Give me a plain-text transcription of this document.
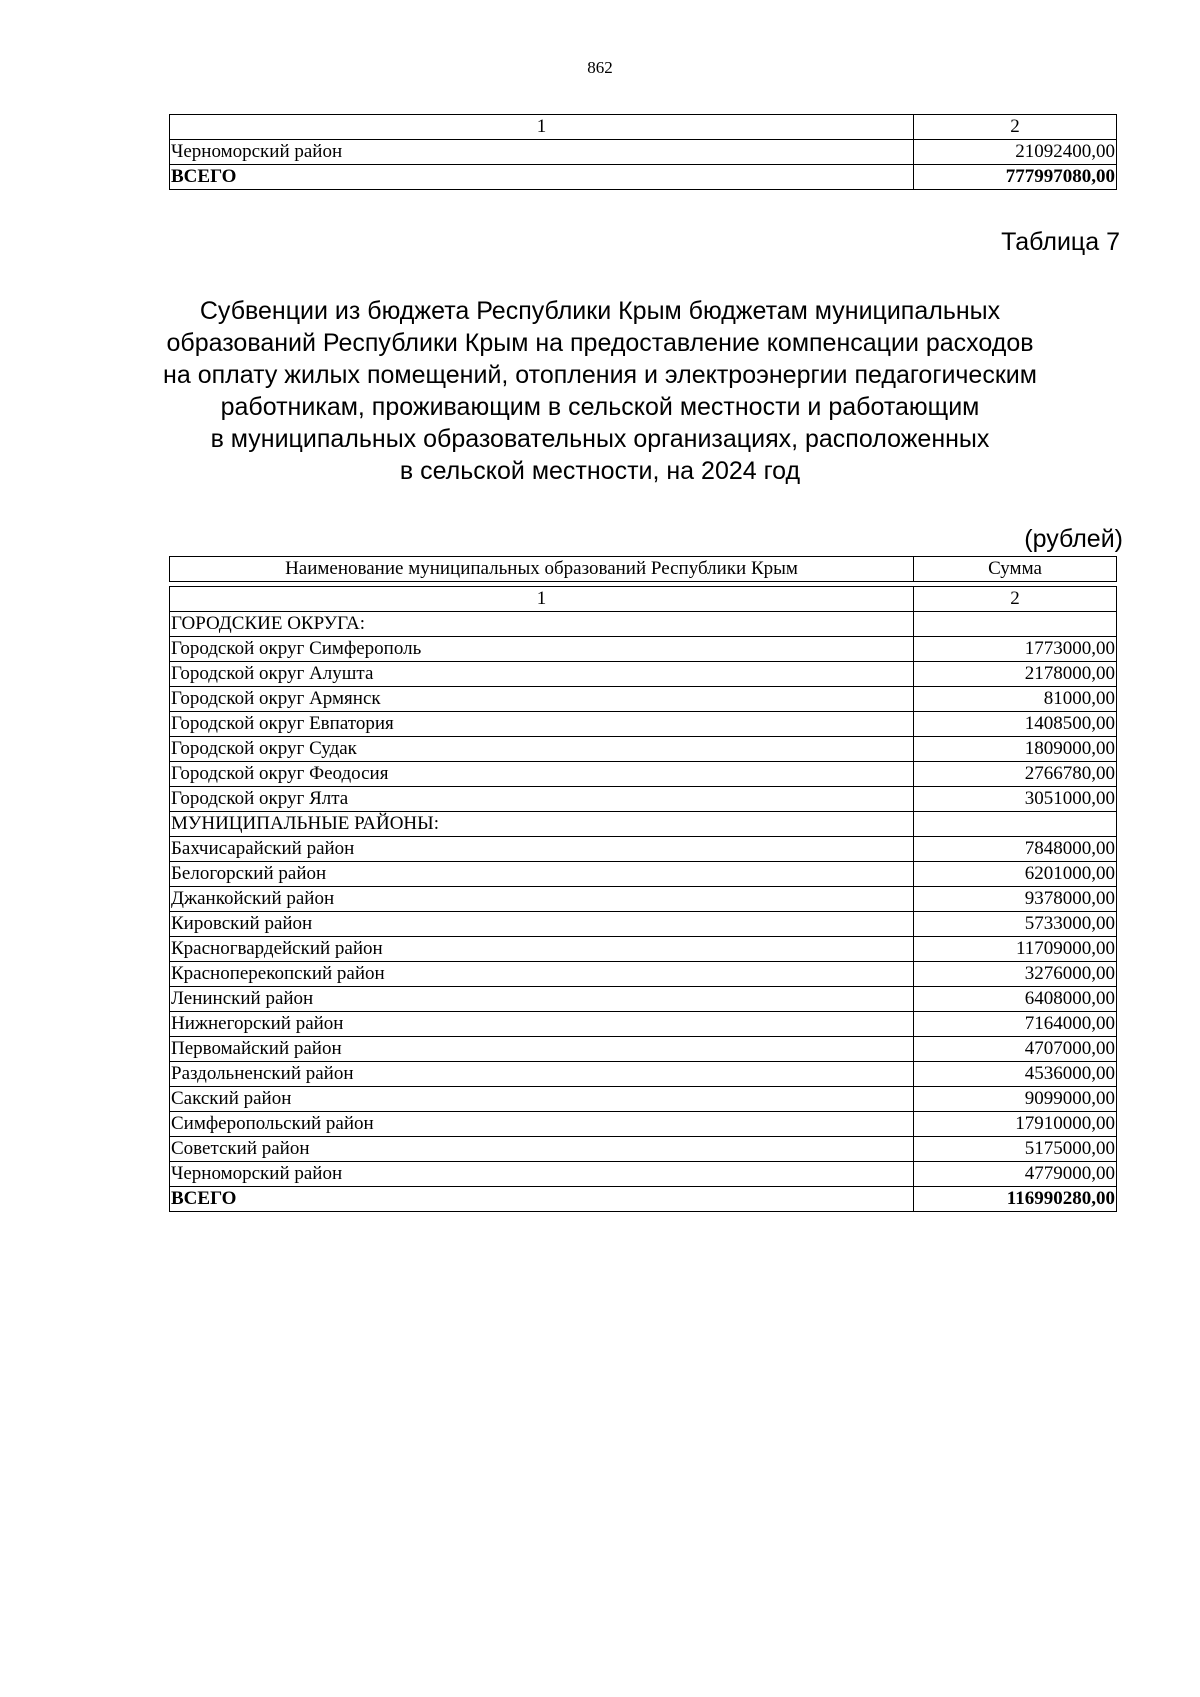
862
1	2
Черноморский район	21092400,00
ВСЕГО	777997080,00
Таблица 7
Субвенции из бюджета Республики Крым бюджетам муниципальных
образований Республики Крым на предоставление компенсации расходов
на оплату жилых помещений, отопления и электроэнергии педагогическим
работникам, проживающим в сельской местности и работающим
в муниципальных образовательных организациях, расположенных
в сельской местности, на 2024 год
(рублей)
Наименование муниципальных образований Республики Крым	Сумма
1	2
ГОРОДСКИЕ ОКРУГА:	
Городской округ Симферополь	1773000,00
Городской округ Алушта	2178000,00
Городской округ Армянск	81000,00
Городской округ Евпатория	1408500,00
Городской округ Судак	1809000,00
Городской округ Феодосия	2766780,00
Городской округ Ялта	3051000,00
МУНИЦИПАЛЬНЫЕ РАЙОНЫ:	
Бахчисарайский район	7848000,00
Белогорский район	6201000,00
Джанкойский район	9378000,00
Кировский район	5733000,00
Красногвардейский район	11709000,00
Красноперекопский район	3276000,00
Ленинский район	6408000,00
Нижнегорский район	7164000,00
Первомайский район	4707000,00
Раздольненский район	4536000,00
Сакский район	9099000,00
Симферопольский район	17910000,00
Советский район	5175000,00
Черноморский район	4779000,00
ВСЕГО	116990280,00
